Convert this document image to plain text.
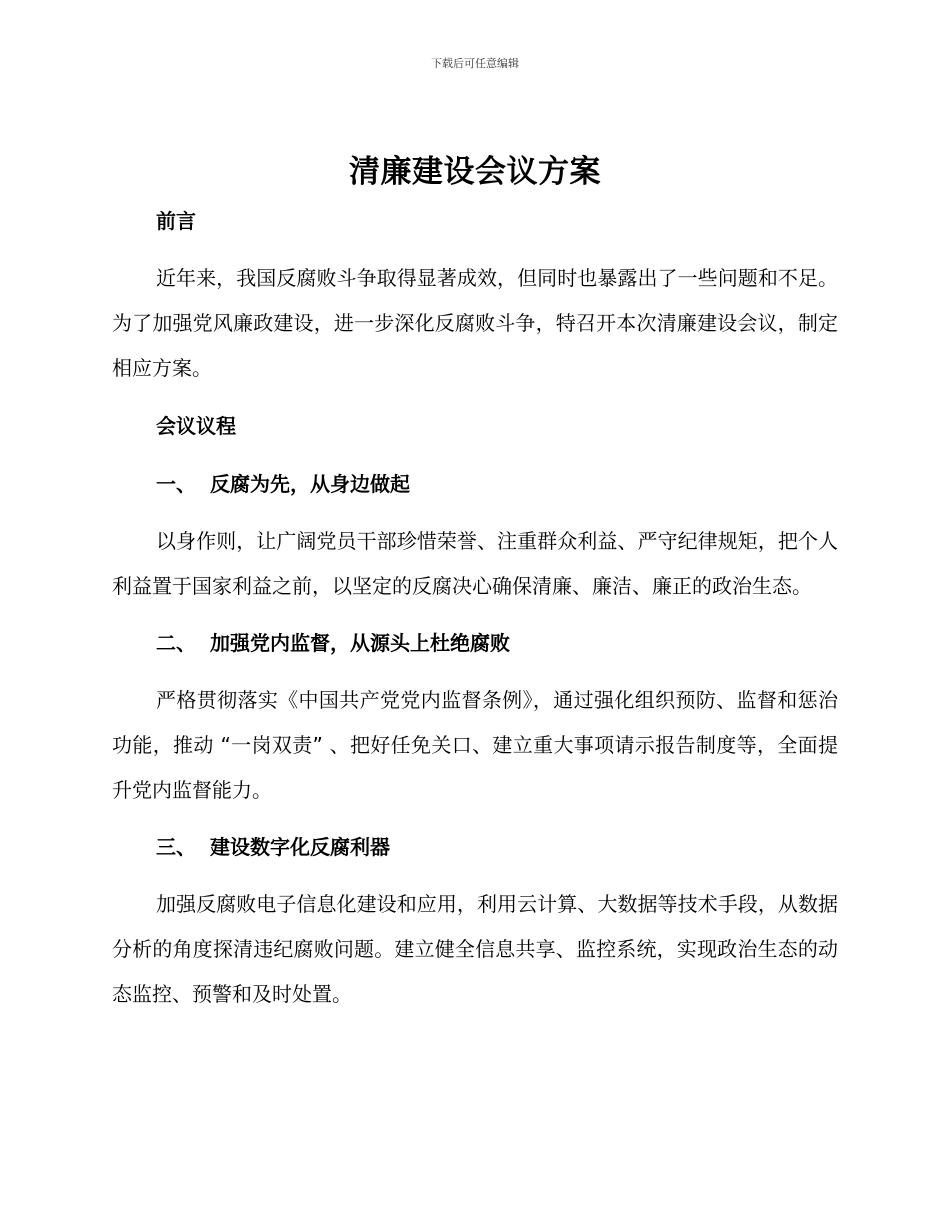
下载后可任意编辑
清廉建设会议方案

前言

近年来，我国反腐败斗争取得显著成效，但同时也暴露出了一些问题和不足。为了加强党风廉政建设，进一步深化反腐败斗争，特召开本次清廉建设会议，制定相应方案。

会议议程

一、 反腐为先，从身边做起

以身作则，让广阔党员干部珍惜荣誉、注重群众利益、严守纪律规矩，把个人利益置于国家利益之前，以坚定的反腐决心确保清廉、廉洁、廉正的政治生态。

二、 加强党内监督，从源头上杜绝腐败

严格贯彻落实《中国共产党党内监督条例》，通过强化组织预防、监督和惩治功能，推动 “一岗双责” 、把好任免关口、建立重大事项请示报告制度等，全面提升党内监督能力。

三、 建设数字化反腐利器

加强反腐败电子信息化建设和应用，利用云计算、大数据等技术手段，从数据分析的角度探清违纪腐败问题。建立健全信息共享、监控系统，实现政治生态的动态监控、预警和及时处置。
